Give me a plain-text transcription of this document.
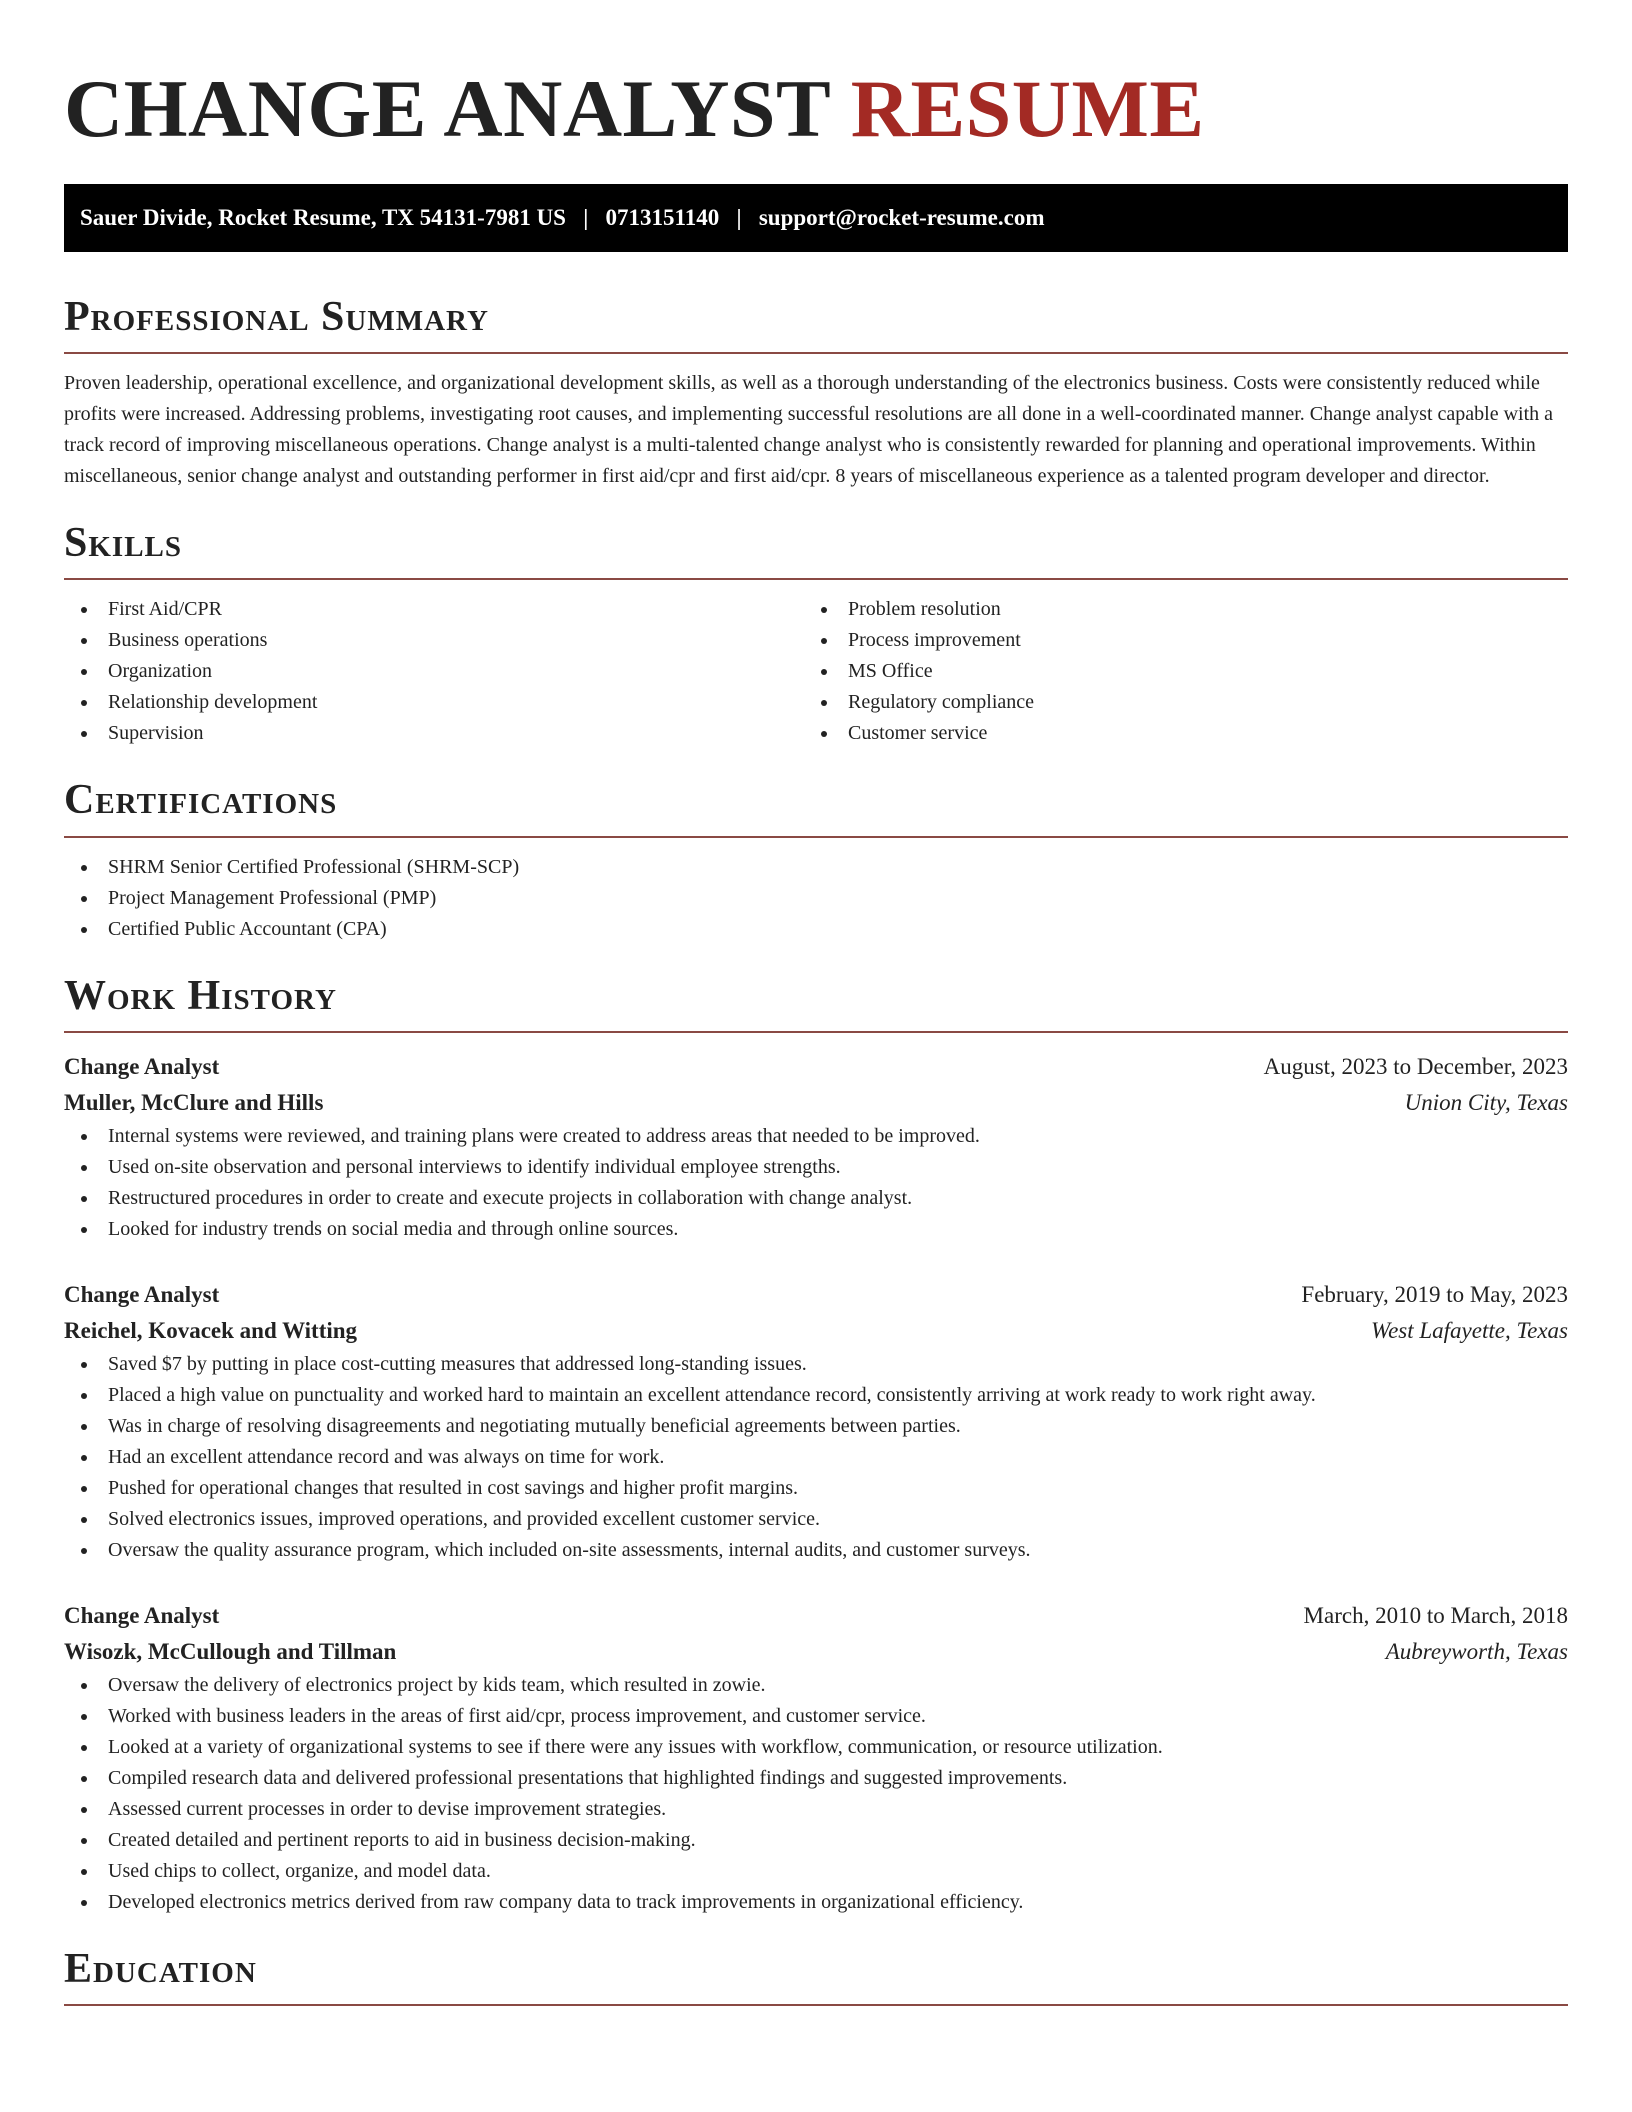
CHANGE ANALYST RESUME
Sauer Divide, Rocket Resume, TX 54131-7981 US   |   0713151140   |   support@rocket-resume.com
Professional Summary

Proven leadership, operational excellence, and organizational development skills, as well as a thorough understanding of the electronics business. Costs were consistently reduced while profits were increased. Addressing problems, investigating root causes, and implementing successful resolutions are all done in a well-coordinated manner. Change analyst capable with a track record of improving miscellaneous operations. Change analyst is a multi-talented change analyst who is consistently rewarded for planning and operational improvements. Within miscellaneous, senior change analyst and outstanding performer in first aid/cpr and first aid/cpr. 8 years of miscellaneous experience as a talented program developer and director.

Skills
First Aid/CPR
Business operations
Organization
Relationship development
Supervision
Problem resolution
Process improvement
MS Office
Regulatory compliance
Customer service
Certifications
SHRM Senior Certified Professional (SHRM-SCP)
Project Management Professional (PMP)
Certified Public Accountant (CPA)
Work History
Change Analyst	August, 2023 to December, 2023
Muller, McClure and Hills	Union City, Texas
Internal systems were reviewed, and training plans were created to address areas that needed to be improved.
Used on-site observation and personal interviews to identify individual employee strengths.
Restructured procedures in order to create and execute projects in collaboration with change analyst.
Looked for industry trends on social media and through online sources.
Change Analyst	February, 2019 to May, 2023
Reichel, Kovacek and Witting	West Lafayette, Texas
Saved $7 by putting in place cost-cutting measures that addressed long-standing issues.
Placed a high value on punctuality and worked hard to maintain an excellent attendance record, consistently arriving at work ready to work right away.
Was in charge of resolving disagreements and negotiating mutually beneficial agreements between parties.
Had an excellent attendance record and was always on time for work.
Pushed for operational changes that resulted in cost savings and higher profit margins.
Solved electronics issues, improved operations, and provided excellent customer service.
Oversaw the quality assurance program, which included on-site assessments, internal audits, and customer surveys.
Change Analyst	March, 2010 to March, 2018
Wisozk, McCullough and Tillman	Aubreyworth, Texas
Oversaw the delivery of electronics project by kids team, which resulted in zowie.
Worked with business leaders in the areas of first aid/cpr, process improvement, and customer service.
Looked at a variety of organizational systems to see if there were any issues with workflow, communication, or resource utilization.
Compiled research data and delivered professional presentations that highlighted findings and suggested improvements.
Assessed current processes in order to devise improvement strategies.
Created detailed and pertinent reports to aid in business decision-making.
Used chips to collect, organize, and model data.
Developed electronics metrics derived from raw company data to track improvements in organizational efficiency.
Education
